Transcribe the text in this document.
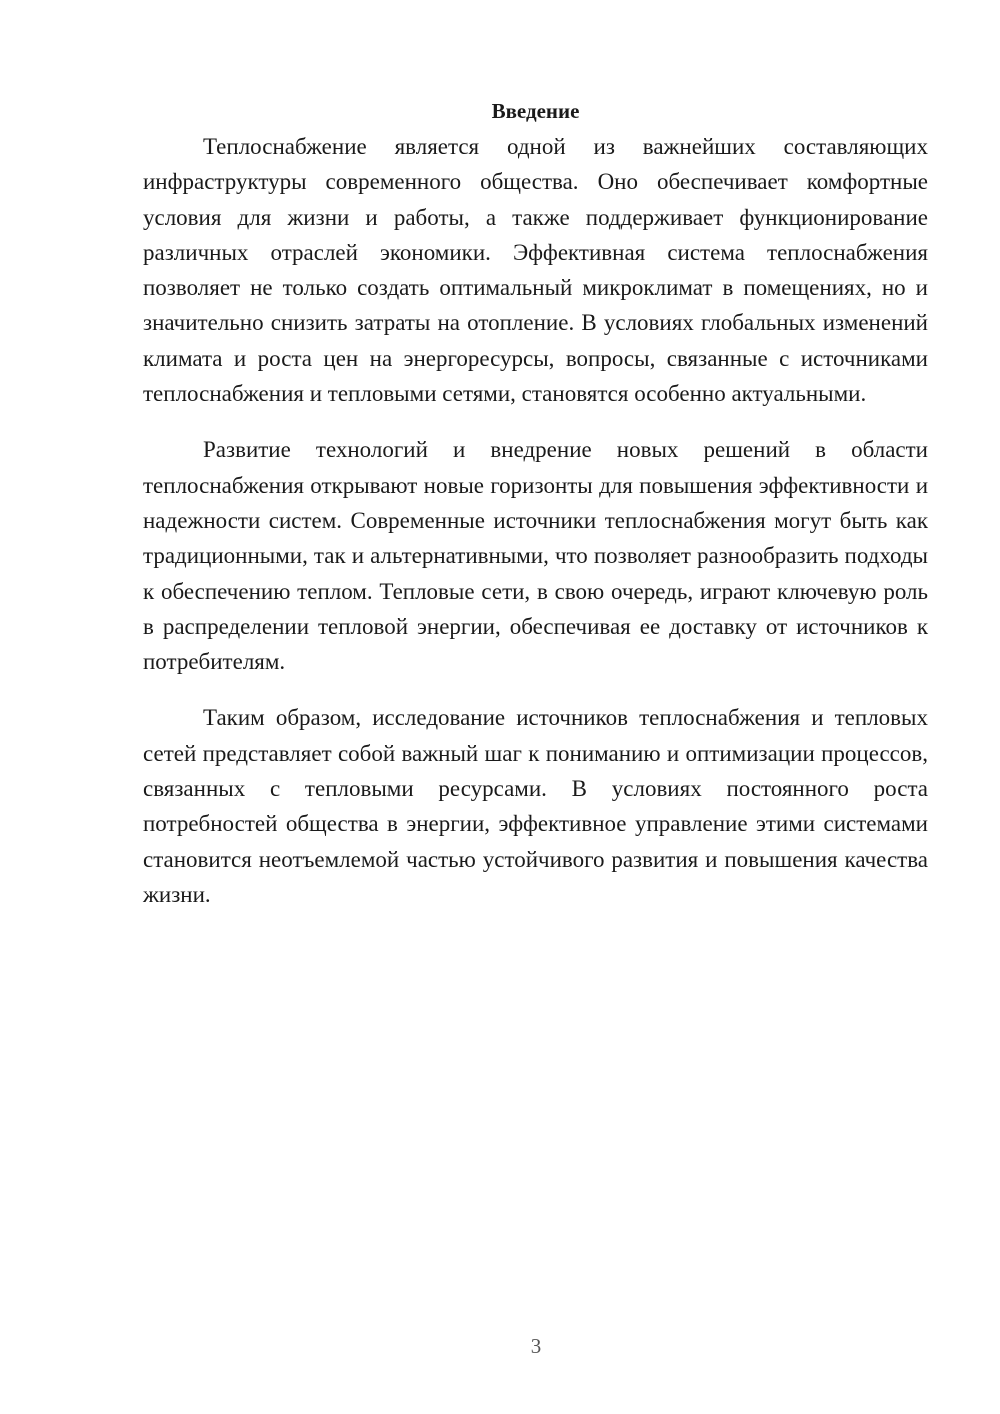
Введение

Теплоснабжение является одной из важнейших составляющих инфраструктуры современного общества. Оно обеспечивает комфортные условия для жизни и работы, а также поддерживает функционирование различных отраслей экономики. Эффективная система теплоснабжения позволяет не только создать оптимальный микроклимат в помещениях, но и значительно снизить затраты на отопление. В условиях глобальных изменений климата и роста цен на энергоресурсы, вопросы, связанные с источниками теплоснабжения и тепловыми сетями, становятся особенно актуальными.

Развитие технологий и внедрение новых решений в области теплоснабжения открывают новые горизонты для повышения эффективности и надежности систем. Современные источники теплоснабжения могут быть как традиционными, так и альтернативными, что позволяет разнообразить подходы к обеспечению теплом. Тепловые сети, в свою очередь, играют ключевую роль в распределении тепловой энергии, обеспечивая ее доставку от источников к потребителям.

Таким образом, исследование источников теплоснабжения и тепловых сетей представляет собой важный шаг к пониманию и оптимизации процессов, связанных с тепловыми ресурсами. В условиях постоянного роста потребностей общества в энергии, эффективное управление этими системами становится неотъемлемой частью устойчивого развития и повышения качества жизни.

3
